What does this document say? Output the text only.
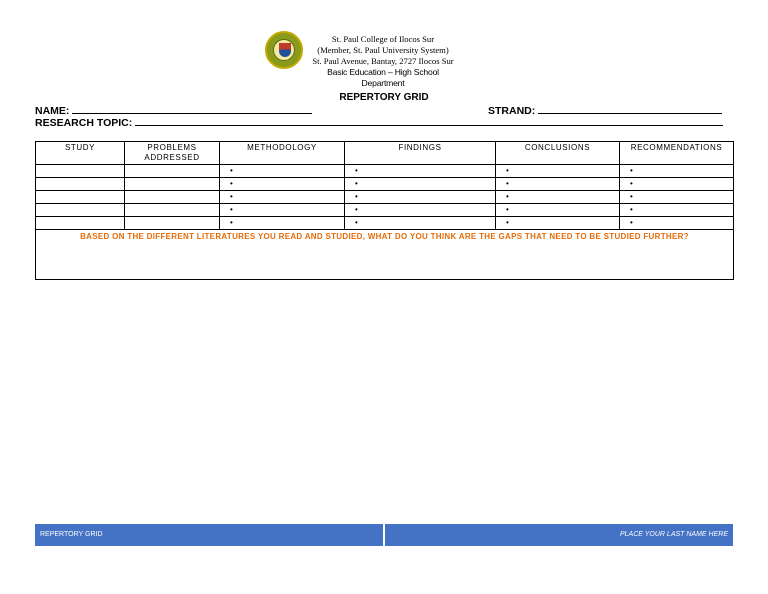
St. Paul College of Ilocos Sur
(Member, St. Paul University System)
St. Paul Avenue, Bantay, 2727 Ilocos Sur
Basic Education – High School Department
REPERTORY GRID
NAME:	STRAND:
RESEARCH TOPIC:
STUDY	PROBLEMS ADDRESSED	METHODOLOGY	FINDINGS	CONCLUSIONS	RECOMMENDATIONS
		•	•	•	•
		•	•	•	•
		•	•	•	•
		•	•	•	•
		•	•	•	•
BASED ON THE DIFFERENT LITERATURES YOU READ AND STUDIED, WHAT DO YOU THINK ARE THE GAPS THAT NEED TO BE STUDIED FURTHER?					
REPERTORY GRID	PLACE YOUR LAST NAME HERE
